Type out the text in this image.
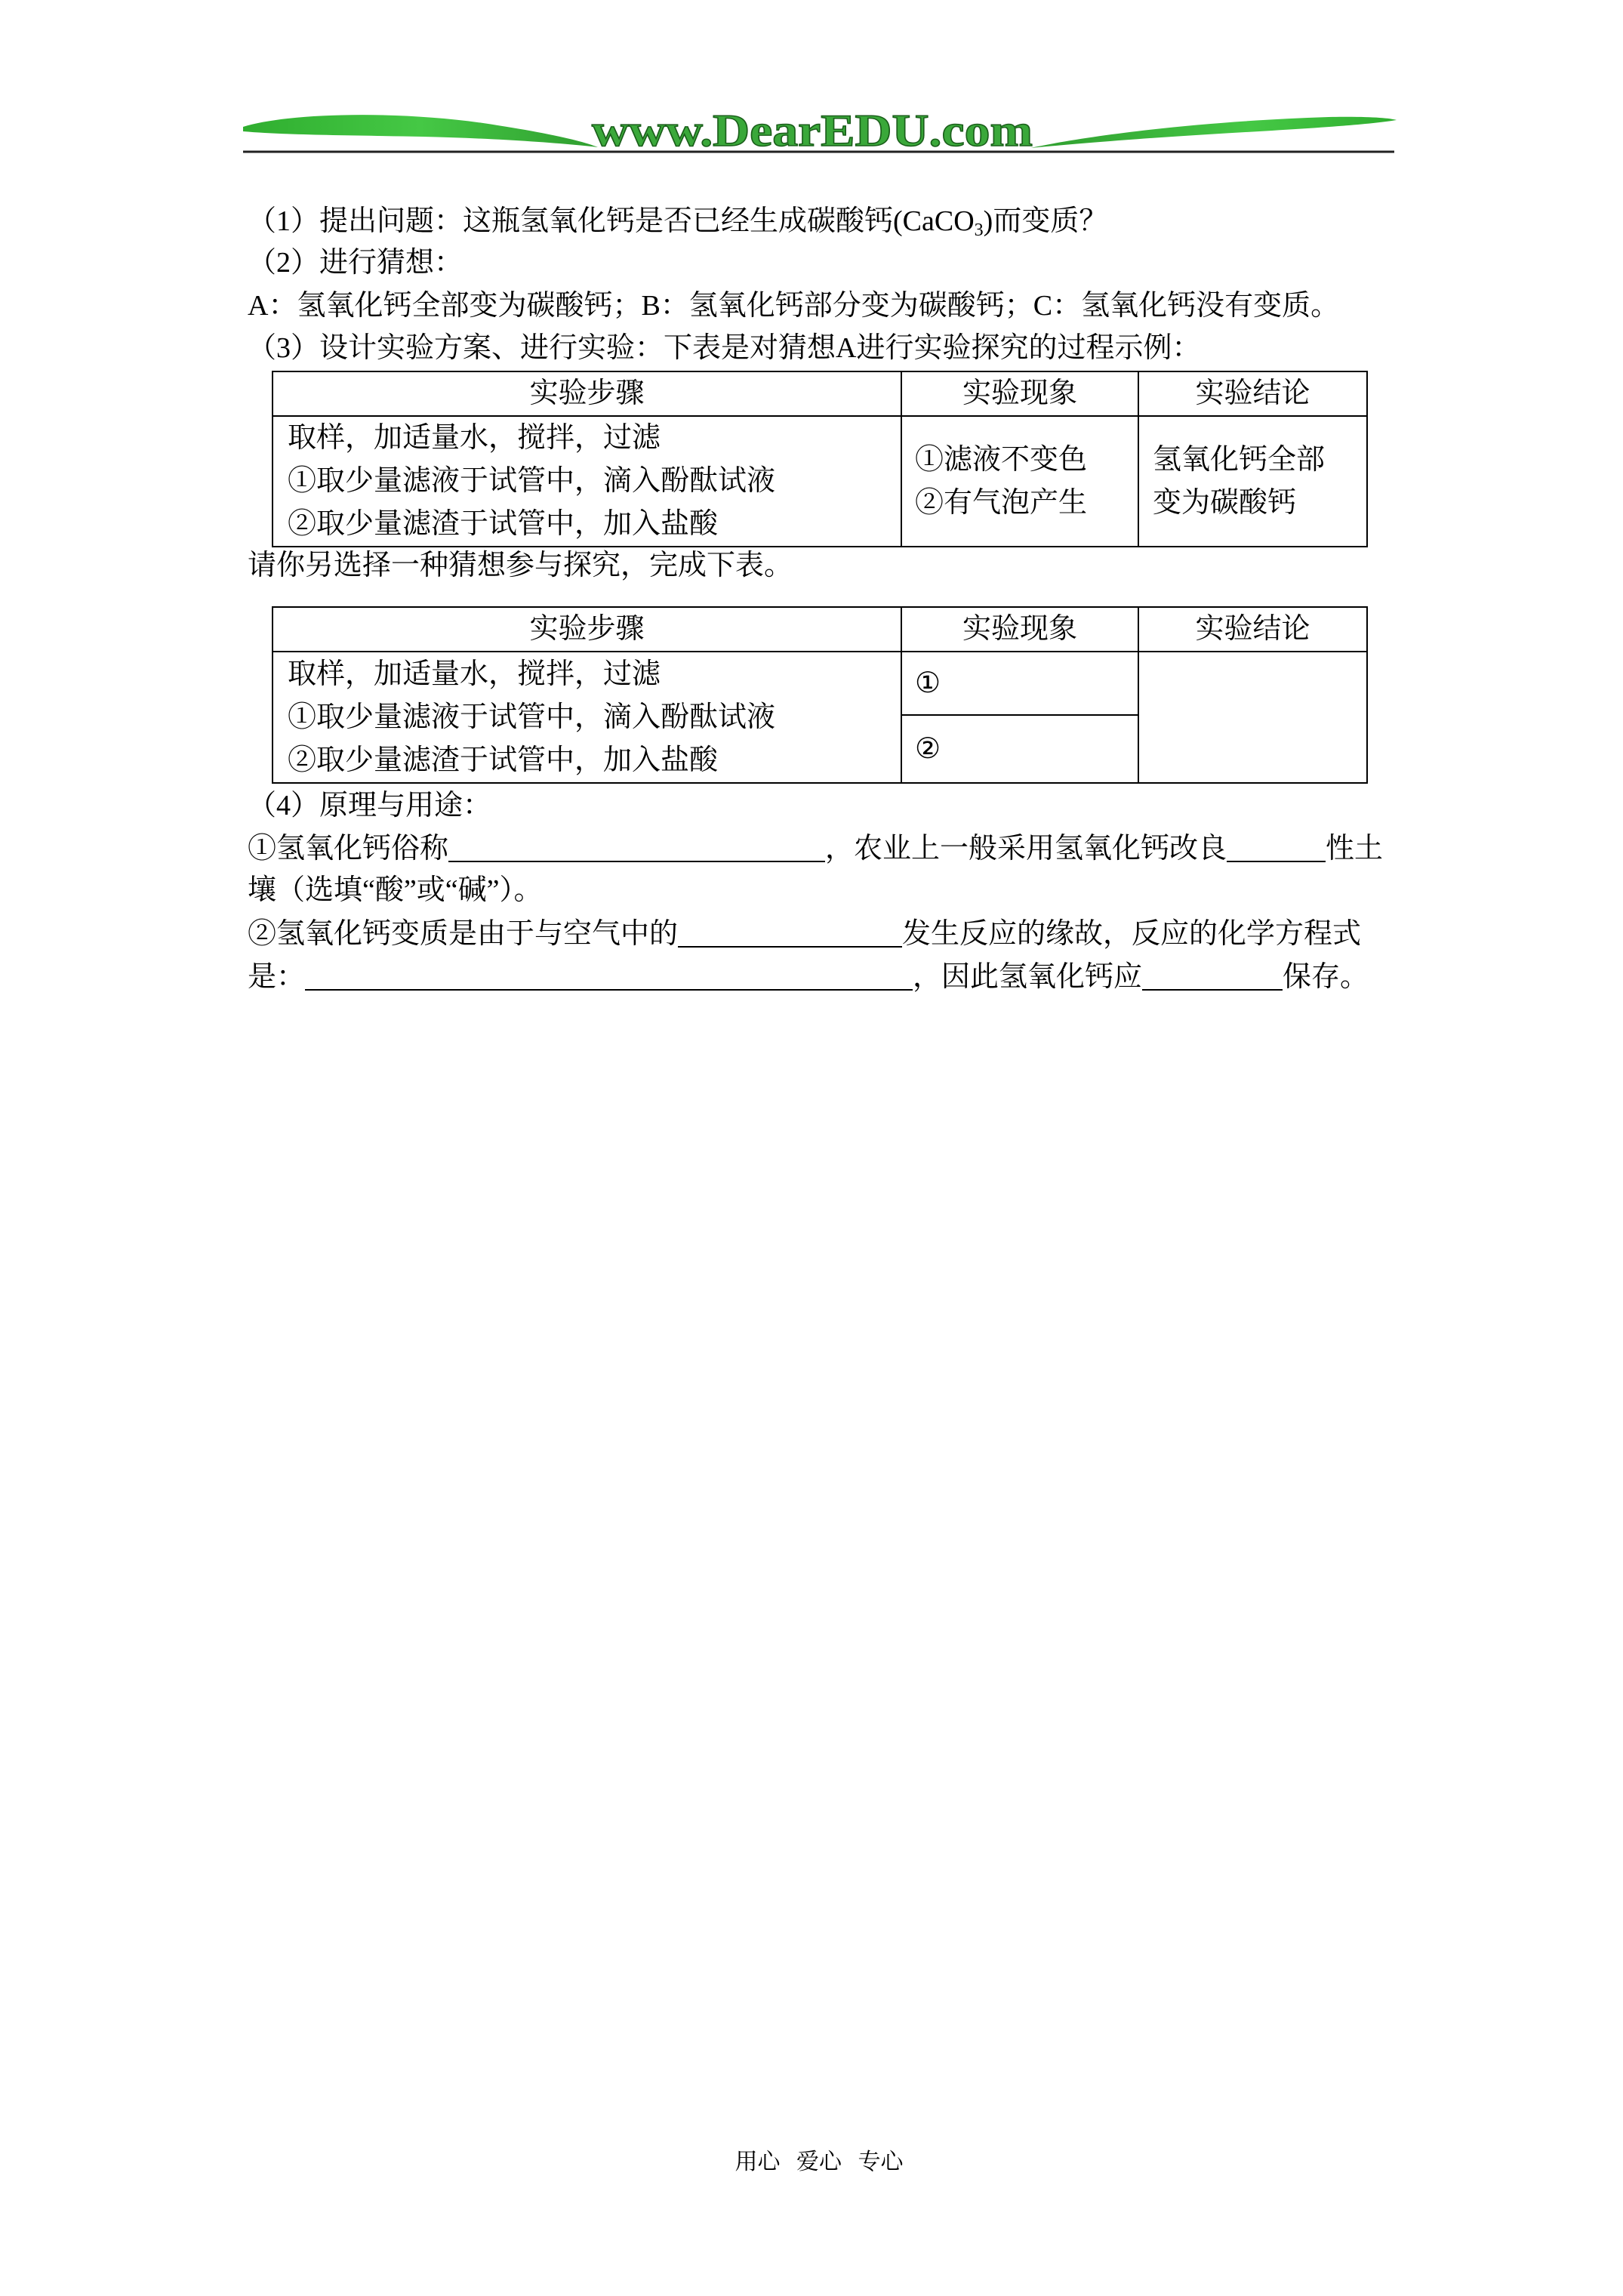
www.DearEDU.com
（1）提出问题：这瓶氢氧化钙是否已经生成碳酸钙(CaCO$_3$)而变质？
（2）进行猜想：
A：氢氧化钙全部变为碳酸钙；B：氢氧化钙部分变为碳酸钙；C：氢氧化钙没有变质。
（3）设计实验方案、进行实验：下表是对猜想A进行实验探究的过程示例：
实验步骤	实验现象	实验结论

取样，加适量水，搅拌，过滤
①取少量滤液于试管中，滴入酚酞试液
②取少量滤渣于试管中，加入盐酸	①滤液不变色
②有气泡产生	氢氧化钙全部
变为碳酸钙
请你另选择一种猜想参与探究，完成下表。
实验步骤	实验现象	实验结论

取样，加适量水，搅拌，过滤
①取少量滤液于试管中，滴入酚酞试液
②取少量滤渣于试管中，加入盐酸	①	
	②	
（4）原理与用途：
①氢氧化钙俗称	，农业上一般采用氢氧化钙改良	性土
壤（选填“酸”或“碱”）。
②氢氧化钙变质是由于与空气中的	发生反应的缘故，反应的化学方程式
是：	，因此氢氧化钙应	保存。
用心 爱心 专心
